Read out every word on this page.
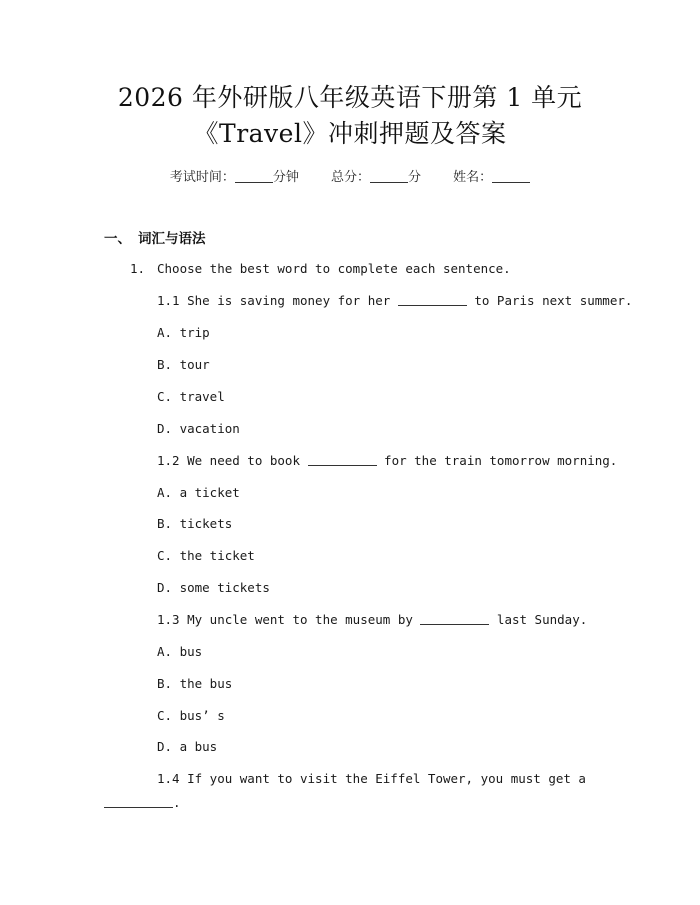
2026 年外研版八年级英语下册第 1 单元
《Travel》冲刺押题及答案
考试时间：	分钟 总分：	分 姓名：
一、 词汇与语法
1. Choose the best word to complete each sentence.
1.1 She is saving money for her	to Paris next summer.
A. trip
B. tour
C. travel
D. vacation
1.2 We need to book	for the train tomorrow morning.
A. a ticket
B. tickets
C. the ticket
D. some tickets
1.3 My uncle went to the museum by	last Sunday.
A. bus
B. the bus
C. bus’ s
D. a bus
1.4 If you want to visit the Eiffel Tower, you must get a
.
